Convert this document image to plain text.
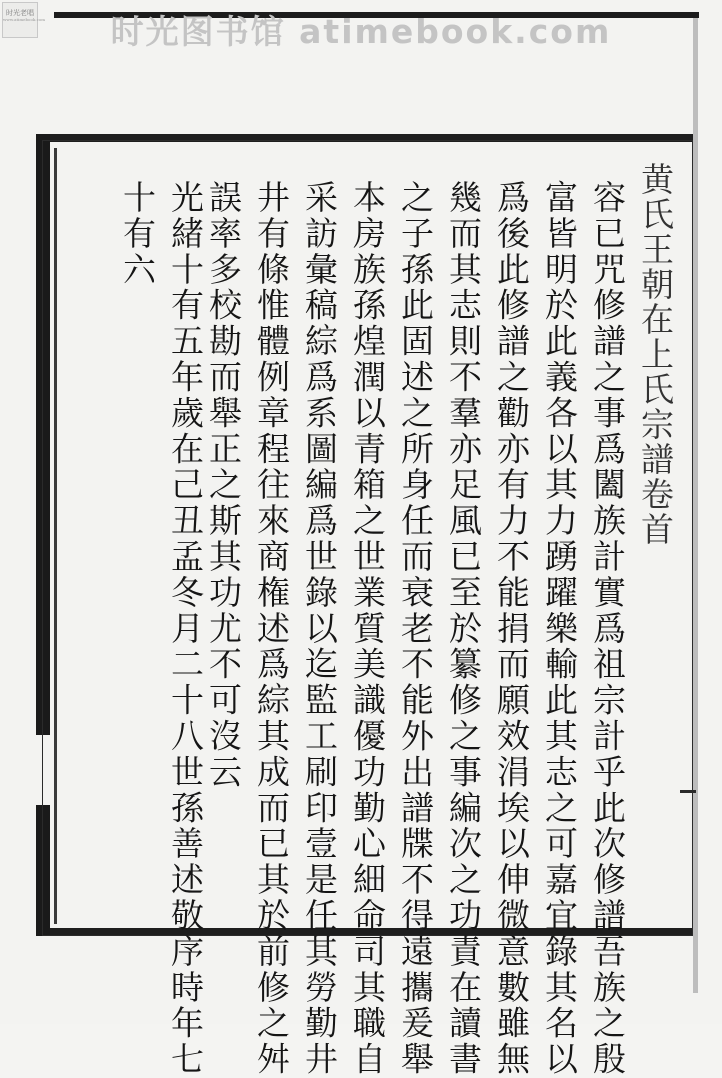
时光老唱
www.atimebook.com	时光图书馆 atimebook.com
黄氏王朝在上氏宗譜卷首
容已咒修譜之事爲闔族計實爲祖宗計乎此次修譜吾族之殷
富皆明於此義各以其力踴躍樂輸此其志之可嘉宜錄其名以
爲後此修譜之勸亦有力不能捐而願效涓埃以伸微意數雖無
幾而其志則不羣亦足風已至於纂修之事編次之功責在讀書
之子孫此固述之所身任而衰老不能外出譜牒不得遠攜爰舉
本房族孫煌潤以青箱之世業質美識優功勤心細命司其職自
采訪彙稿綜爲系圖編爲世錄以迄監工刷印壹是任其勞勤井
井有條惟體例章程往來商権述爲綜其成而已其於前修之舛
誤率多校勘而舉正之斯其功尤不可沒云
光緒十有五年歲在己丑孟冬月二十八世孫善述敬序時年七
十有六
